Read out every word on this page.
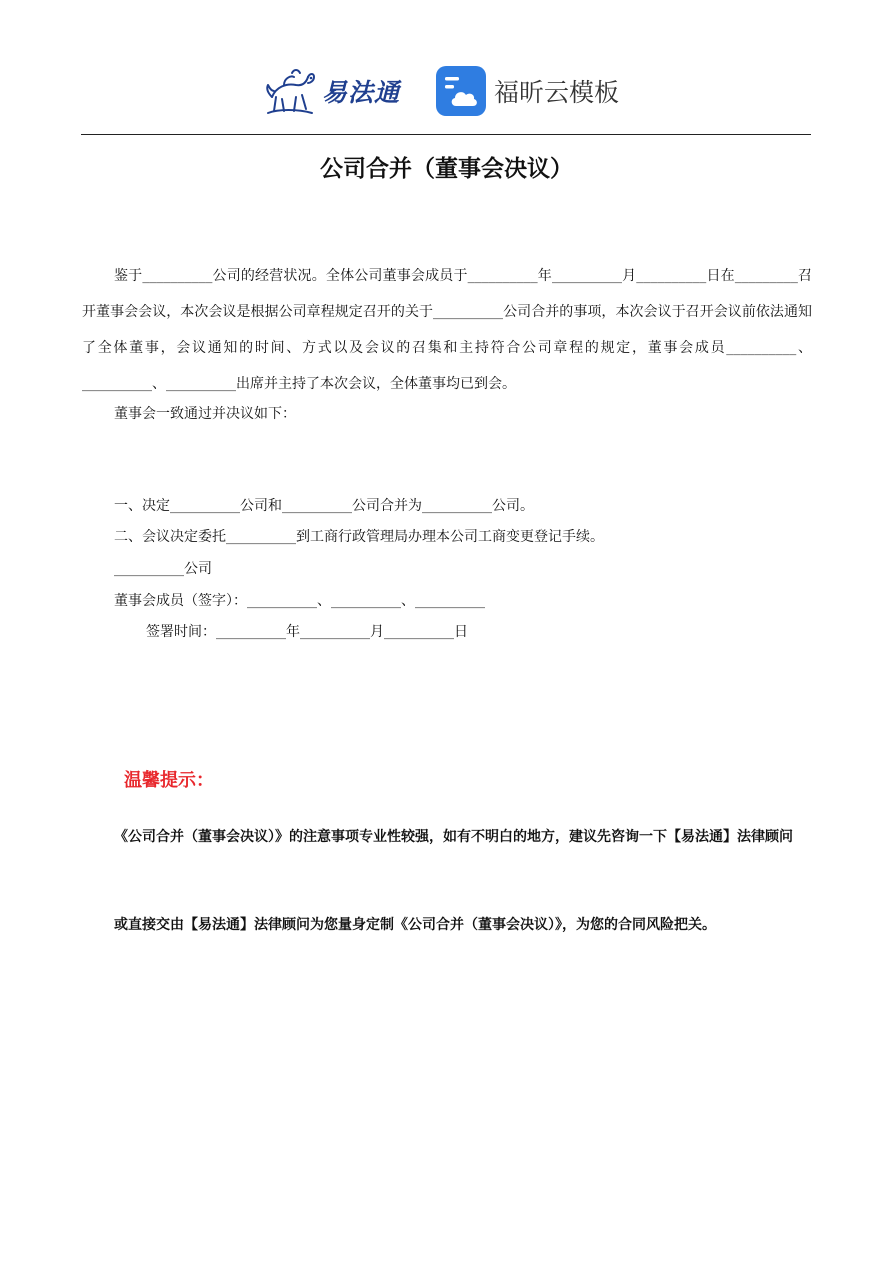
易法通	福昕云模板
公司合并（董事会决议）

鉴于__________公司的经营状况。全体公司董事会成员于__________年__________月__________日在_________召开董事会会议，本次会议是根据公司章程规定召开的关于__________公司合并的事项，本次会议于召开会议前依法通知了全体董事，会议通知的时间、方式以及会议的召集和主持符合公司章程的规定，董事会成员__________、__________、__________出席并主持了本次会议，全体董事均已到会。

董事会一致通过并决议如下：
一、决定__________公司和__________公司合并为__________公司。
二、会议决定委托__________到工商行政管理局办理本公司工商变更登记手续。
__________公司
董事会成员（签字）：__________、__________、__________
签署时间：__________年__________月__________日
温馨提示：
《公司合并（董事会决议）》的注意事项专业性较强，如有不明白的地方，建议先咨询一下【易法通】法律顾问
或直接交由【易法通】法律顾问为您量身定制《公司合并（董事会决议）》，为您的合同风险把关。
